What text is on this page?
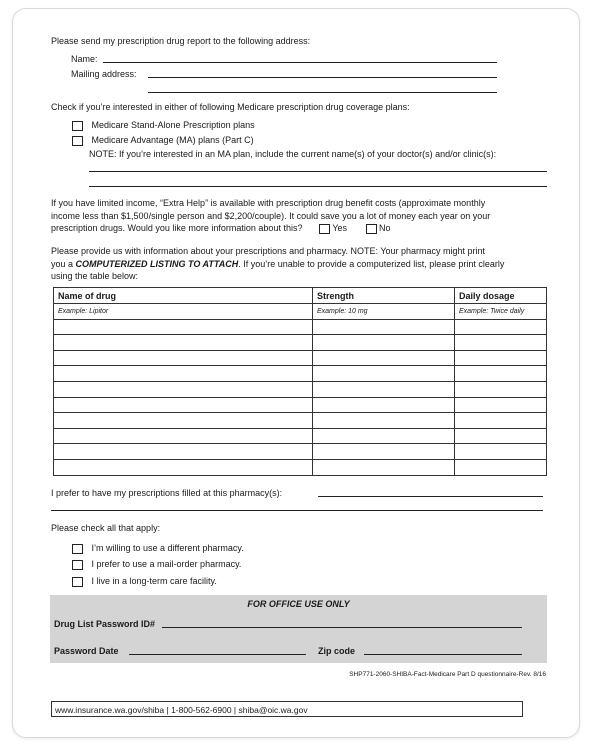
Please send my prescription drug report to the following address:
Name:
Mailing address:
Check if you’re interested in either of following Medicare prescription drug coverage plans:
Medicare Stand-Alone Prescription plans
Medicare Advantage (MA) plans (Part C)
NOTE: If you’re interested in an MA plan, include the current name(s) of your doctor(s) and/or clinic(s):
If you have limited income, “Extra Help” is available with prescription drug benefit costs (approximate monthly
income less than $1,500/single person and $2,200/couple). It could save you a lot of money each year on your
prescription drugs. Would you like more information about this?	Yes	No
Please provide us with information about your prescriptions and pharmacy. NOTE: Your pharmacy might print
you a COMPUTERIZED LISTING TO ATTACH. If you’re unable to provide a computerized list, please print clearly
using the table below:
Name of drug	Strength	Daily dosage
Example: Lipitor	Example: 10 mg	Example: Twice daily

I prefer to have my prescriptions filled at this pharmacy(s):
Please check all that apply:
I’m willing to use a different pharmacy.
I prefer to use a mail-order pharmacy.
I live in a long-term care facility.
FOR OFFICE USE ONLY
Drug List Password ID#
Password Date	Zip code
SHP771-2060-SHIBA-Fact-Medicare Part D questionnaire-Rev. 8/16
www.insurance.wa.gov/shiba | 1-800-562-6900 | shiba@oic.wa.gov
